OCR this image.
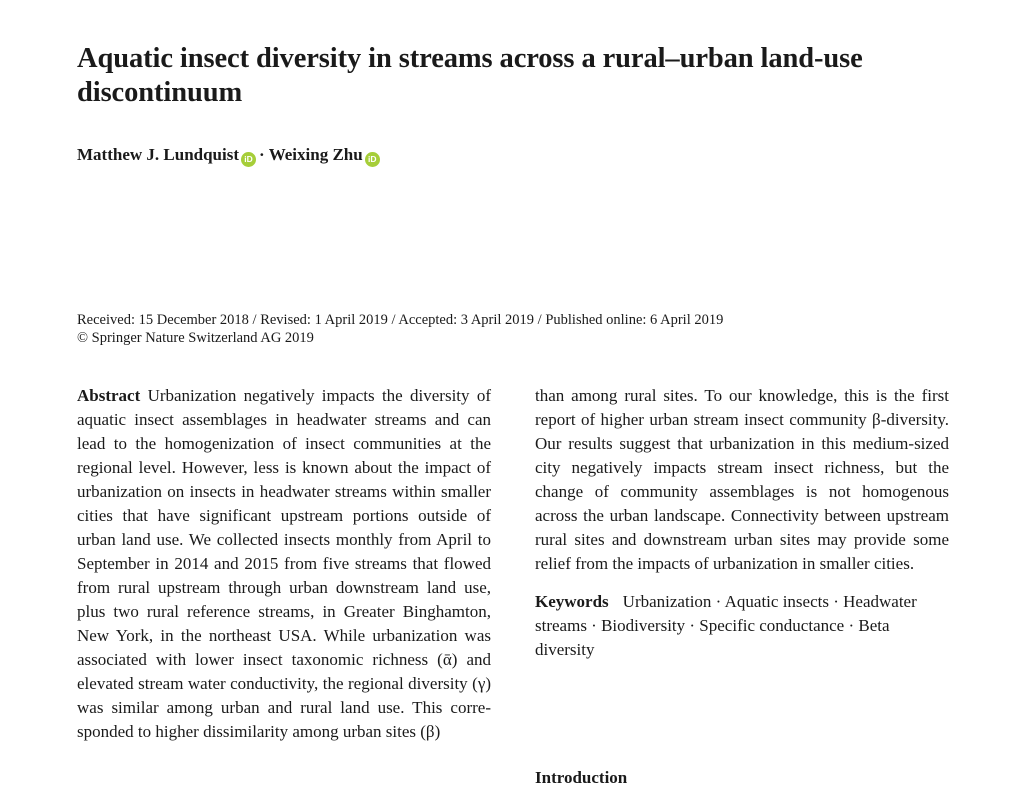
Aquatic insect diversity in streams across a rural–urban land-use discontinuum
Matthew J. Lundquist iD · Weixing Zhu iD
Received: 15 December 2018 / Revised: 1 April 2019 / Accepted: 3 April 2019 / Published online: 6 April 2019
© Springer Nature Switzerland AG 2019

Abstract Urbanization negatively impacts the diversity of aquatic insect assemblages in headwater streams and can lead to the homogenization of insect communities at the regional level. However, less is known about the impact of urbanization on insects in headwater streams within smaller cities that have significant upstream portions outside of urban land use. We collected insects monthly from April to September in 2014 and 2015 from five streams that flowed from rural upstream through urban downstream land use, plus two rural reference streams, in Greater Binghamton, New York, in the northeast USA. While urbanization was associated with lower insect taxonomic richness (ᾱ) and elevated stream water conductivity, the regional diversity (γ) was similar among urban and rural land use. This corresponded to higher dissimilarity among urban sites (β)

than among rural sites. To our knowledge, this is the first report of higher urban stream insect community β-diversity. Our results suggest that urbanization in this medium-sized city negatively impacts stream insect richness, but the change of community assemblages is not homogenous across the urban landscape. Connectivity between upstream rural sites and downstream urban sites may provide some relief from the impacts of urbanization in smaller cities.

Keywords Urbanization · Aquatic insects · Headwater streams · Biodiversity · Specific conductance · Beta diversity

Introduction
